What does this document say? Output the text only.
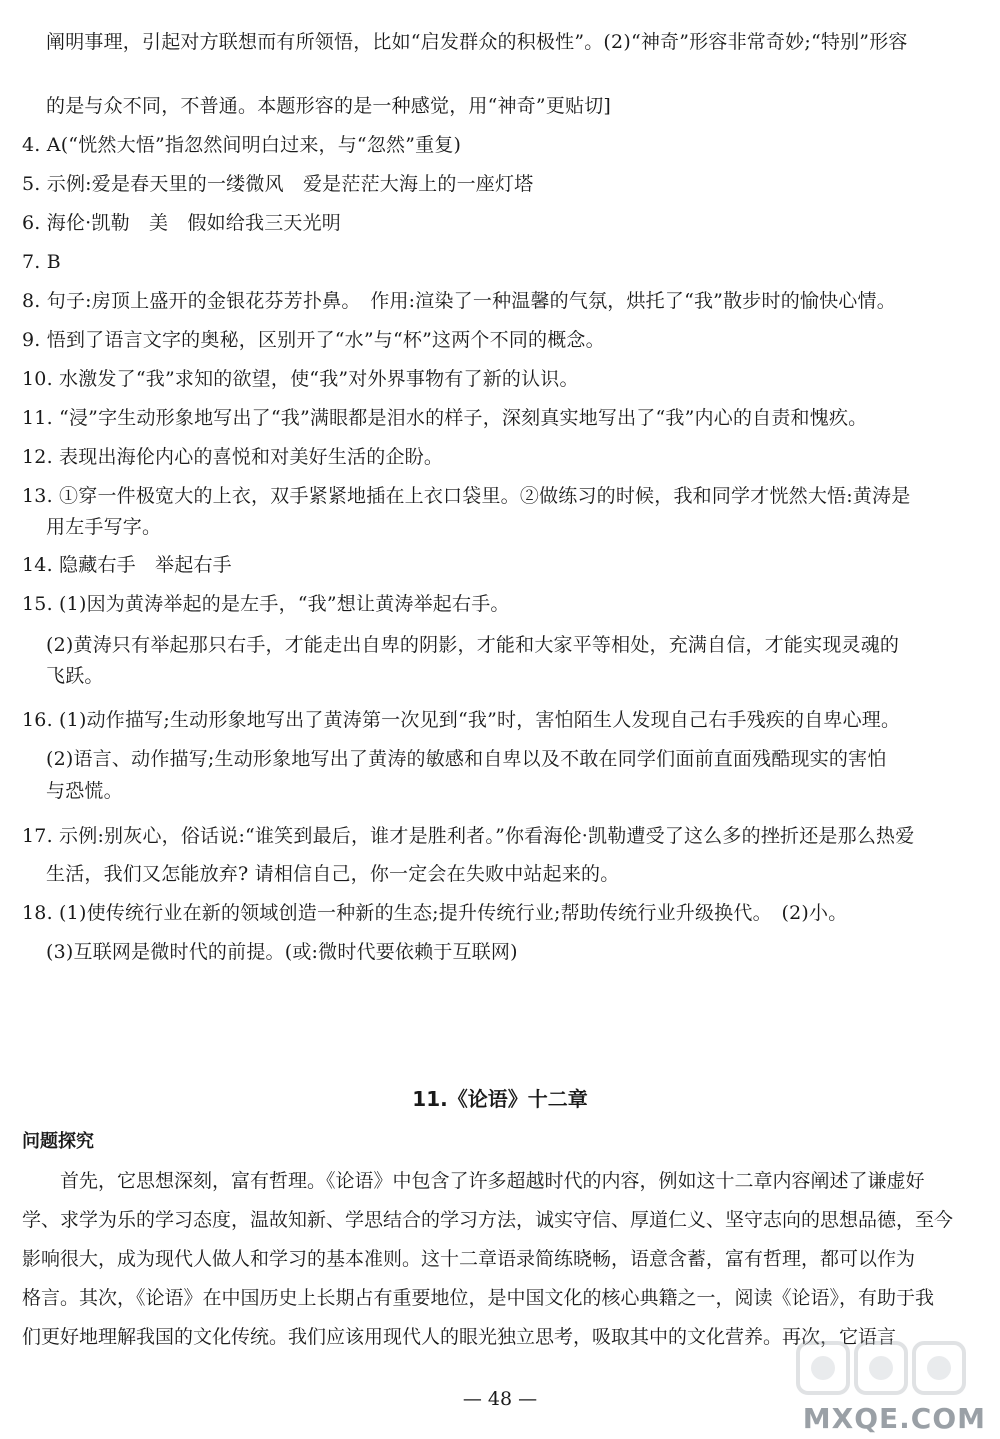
阐明事理，引起对方联想而有所领悟，比如“启发群众的积极性”。(2)“神奇”形容非常奇妙;“特别”形容
的是与众不同，不普通。本题形容的是一种感觉，用“神奇”更贴切]
4. A(“恍然大悟”指忽然间明白过来，与“忽然”重复)
5. 示例:爱是春天里的一缕微风　爱是茫茫大海上的一座灯塔
6. 海伦·凯勒　美　假如给我三天光明
7. B
8. 句子:房顶上盛开的金银花芬芳扑鼻。　作用:渲染了一种温馨的气氛，烘托了“我”散步时的愉快心情。
9. 悟到了语言文字的奥秘，区别开了“水”与“杯”这两个不同的概念。
10. 水激发了“我”求知的欲望，使“我”对外界事物有了新的认识。
11. “浸”字生动形象地写出了“我”满眼都是泪水的样子，深刻真实地写出了“我”内心的自责和愧疚。
12. 表现出海伦内心的喜悦和对美好生活的企盼。
13. ①穿一件极宽大的上衣，双手紧紧地插在上衣口袋里。②做练习的时候，我和同学才恍然大悟:黄涛是
用左手写字。
14. 隐藏右手　举起右手
15. (1)因为黄涛举起的是左手，“我”想让黄涛举起右手。
(2)黄涛只有举起那只右手，才能走出自卑的阴影，才能和大家平等相处，充满自信，才能实现灵魂的
飞跃。
16. (1)动作描写;生动形象地写出了黄涛第一次见到“我”时，害怕陌生人发现自己右手残疾的自卑心理。
(2)语言、动作描写;生动形象地写出了黄涛的敏感和自卑以及不敢在同学们面前直面残酷现实的害怕
与恐慌。
17. 示例:别灰心，俗话说:“谁笑到最后，谁才是胜利者。”你看海伦·凯勒遭受了这么多的挫折还是那么热爱
生活，我们又怎能放弃? 请相信自己，你一定会在失败中站起来的。
18. (1)使传统行业在新的领域创造一种新的生态;提升传统行业;帮助传统行业升级换代。　(2)小。
(3)互联网是微时代的前提。(或:微时代要依赖于互联网)
11.《论语》十二章
问题探究
　　首先，它思想深刻，富有哲理。《论语》中包含了许多超越时代的内容，例如这十二章内容阐述了谦虚好
学、求学为乐的学习态度，温故知新、学思结合的学习方法，诚实守信、厚道仁义、坚守志向的思想品德，至今
影响很大，成为现代人做人和学习的基本准则。这十二章语录简练晓畅，语意含蓄，富有哲理，都可以作为
格言。其次，《论语》在中国历史上长期占有重要地位，是中国文化的核心典籍之一，阅读《论语》，有助于我
们更好地理解我国的文化传统。我们应该用现代人的眼光独立思考，吸取其中的文化营养。再次，它语言
— 48 —
MXQE.COM
